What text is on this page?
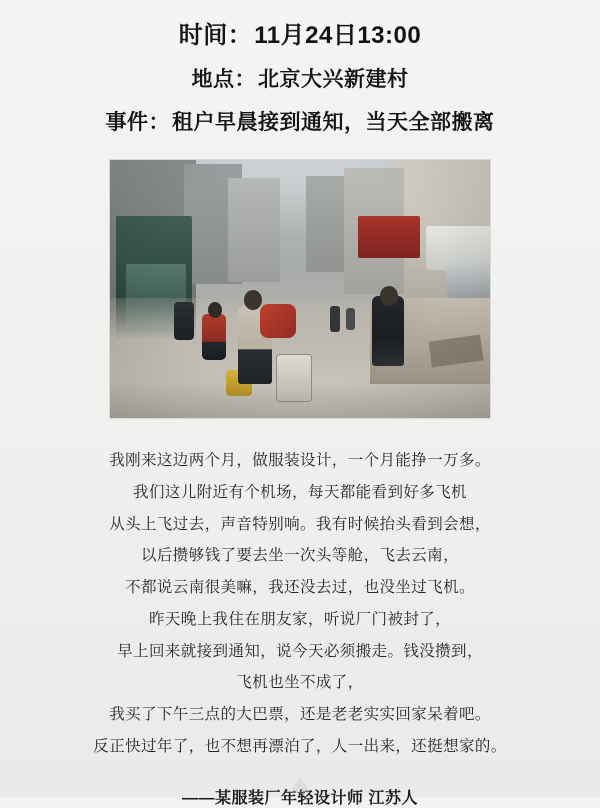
时间：11月24日13:00
地点：北京大兴新建村
事件：租户早晨接到通知，当天全部搬离

我刚来这边两个月，做服装设计，一个月能挣一万多。

我们这儿附近有个机场，每天都能看到好多飞机

从头上飞过去，声音特别响。我有时候抬头看到会想，

以后攒够钱了要去坐一次头等舱，飞去云南，

不都说云南很美嘛，我还没去过，也没坐过飞机。

昨天晚上我住在朋友家，听说厂门被封了，

早上回来就接到通知，说今天必须搬走。钱没攒到，

飞机也坐不成了，

我买了下午三点的大巴票，还是老老实实回家呆着吧。

反正快过年了，也不想再漂泊了，人一出来，还挺想家的。

——某服装厂年轻设计师 江苏人
